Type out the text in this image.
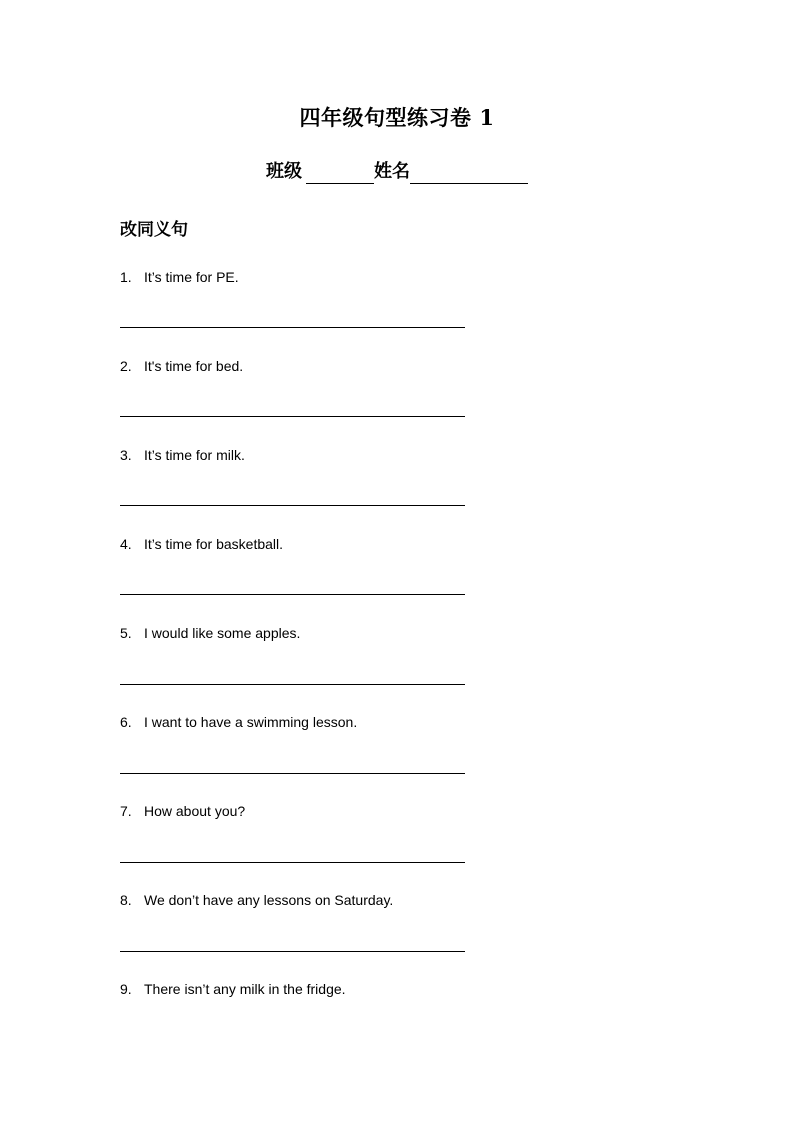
四年级句型练习卷 1
班级	姓名
改同义句
1. It’s time for PE.
2. It's time for bed.
3. It’s time for milk.
4. It’s time for basketball.
5. I would like some apples.
6. I want to have a swimming lesson.
7. How about you?
8. We don’t have any lessons on Saturday.
9. There isn’t any milk in the fridge.
